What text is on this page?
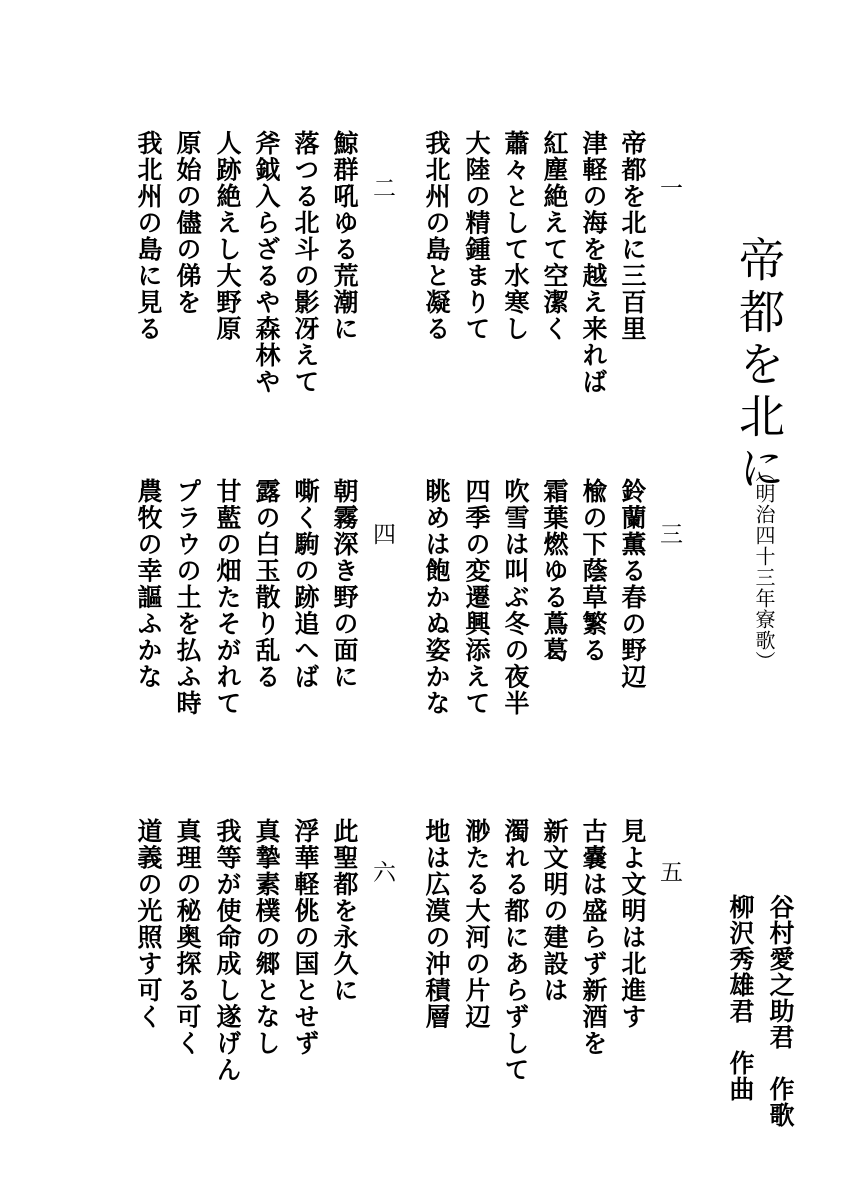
帝都を北に
（明治四十三年寮歌）
谷村愛之助君　作歌
柳沢秀雄君　作曲
一
帝都を北に三百里
津軽の海を越え来れば
紅塵絶えて空潔く
蕭々として水寒し
大陸の精鍾まりて
我北州の島と凝る
二
鯨群吼ゆる荒潮に
落つる北斗の影冴えて
斧鉞入らざるや森林や
人跡絶えし大野原
原始の儘の俤を
我北州の島に見る
三
鈴蘭薫る春の野辺
楡の下蔭草繁る
霜葉燃ゆる蔦葛
吹雪は叫ぶ冬の夜半
四季の変遷興添えて
眺めは飽かぬ姿かな
四
朝霧深き野の面に
嘶く駒の跡追へば
露の白玉散り乱る
甘藍の畑たそがれて
プラウの土を払ふ時
農牧の幸謳ふかな
五
見よ文明は北進す
古嚢は盛らず新酒を
新文明の建設は
濁れる都にあらずして
渺たる大河の片辺
地は広漠の沖積層
六
此聖都を永久に
浮華軽佻の国とせず
真摯素樸の郷となし
我等が使命成し遂げん
真理の秘奥探る可く
道義の光照す可く
